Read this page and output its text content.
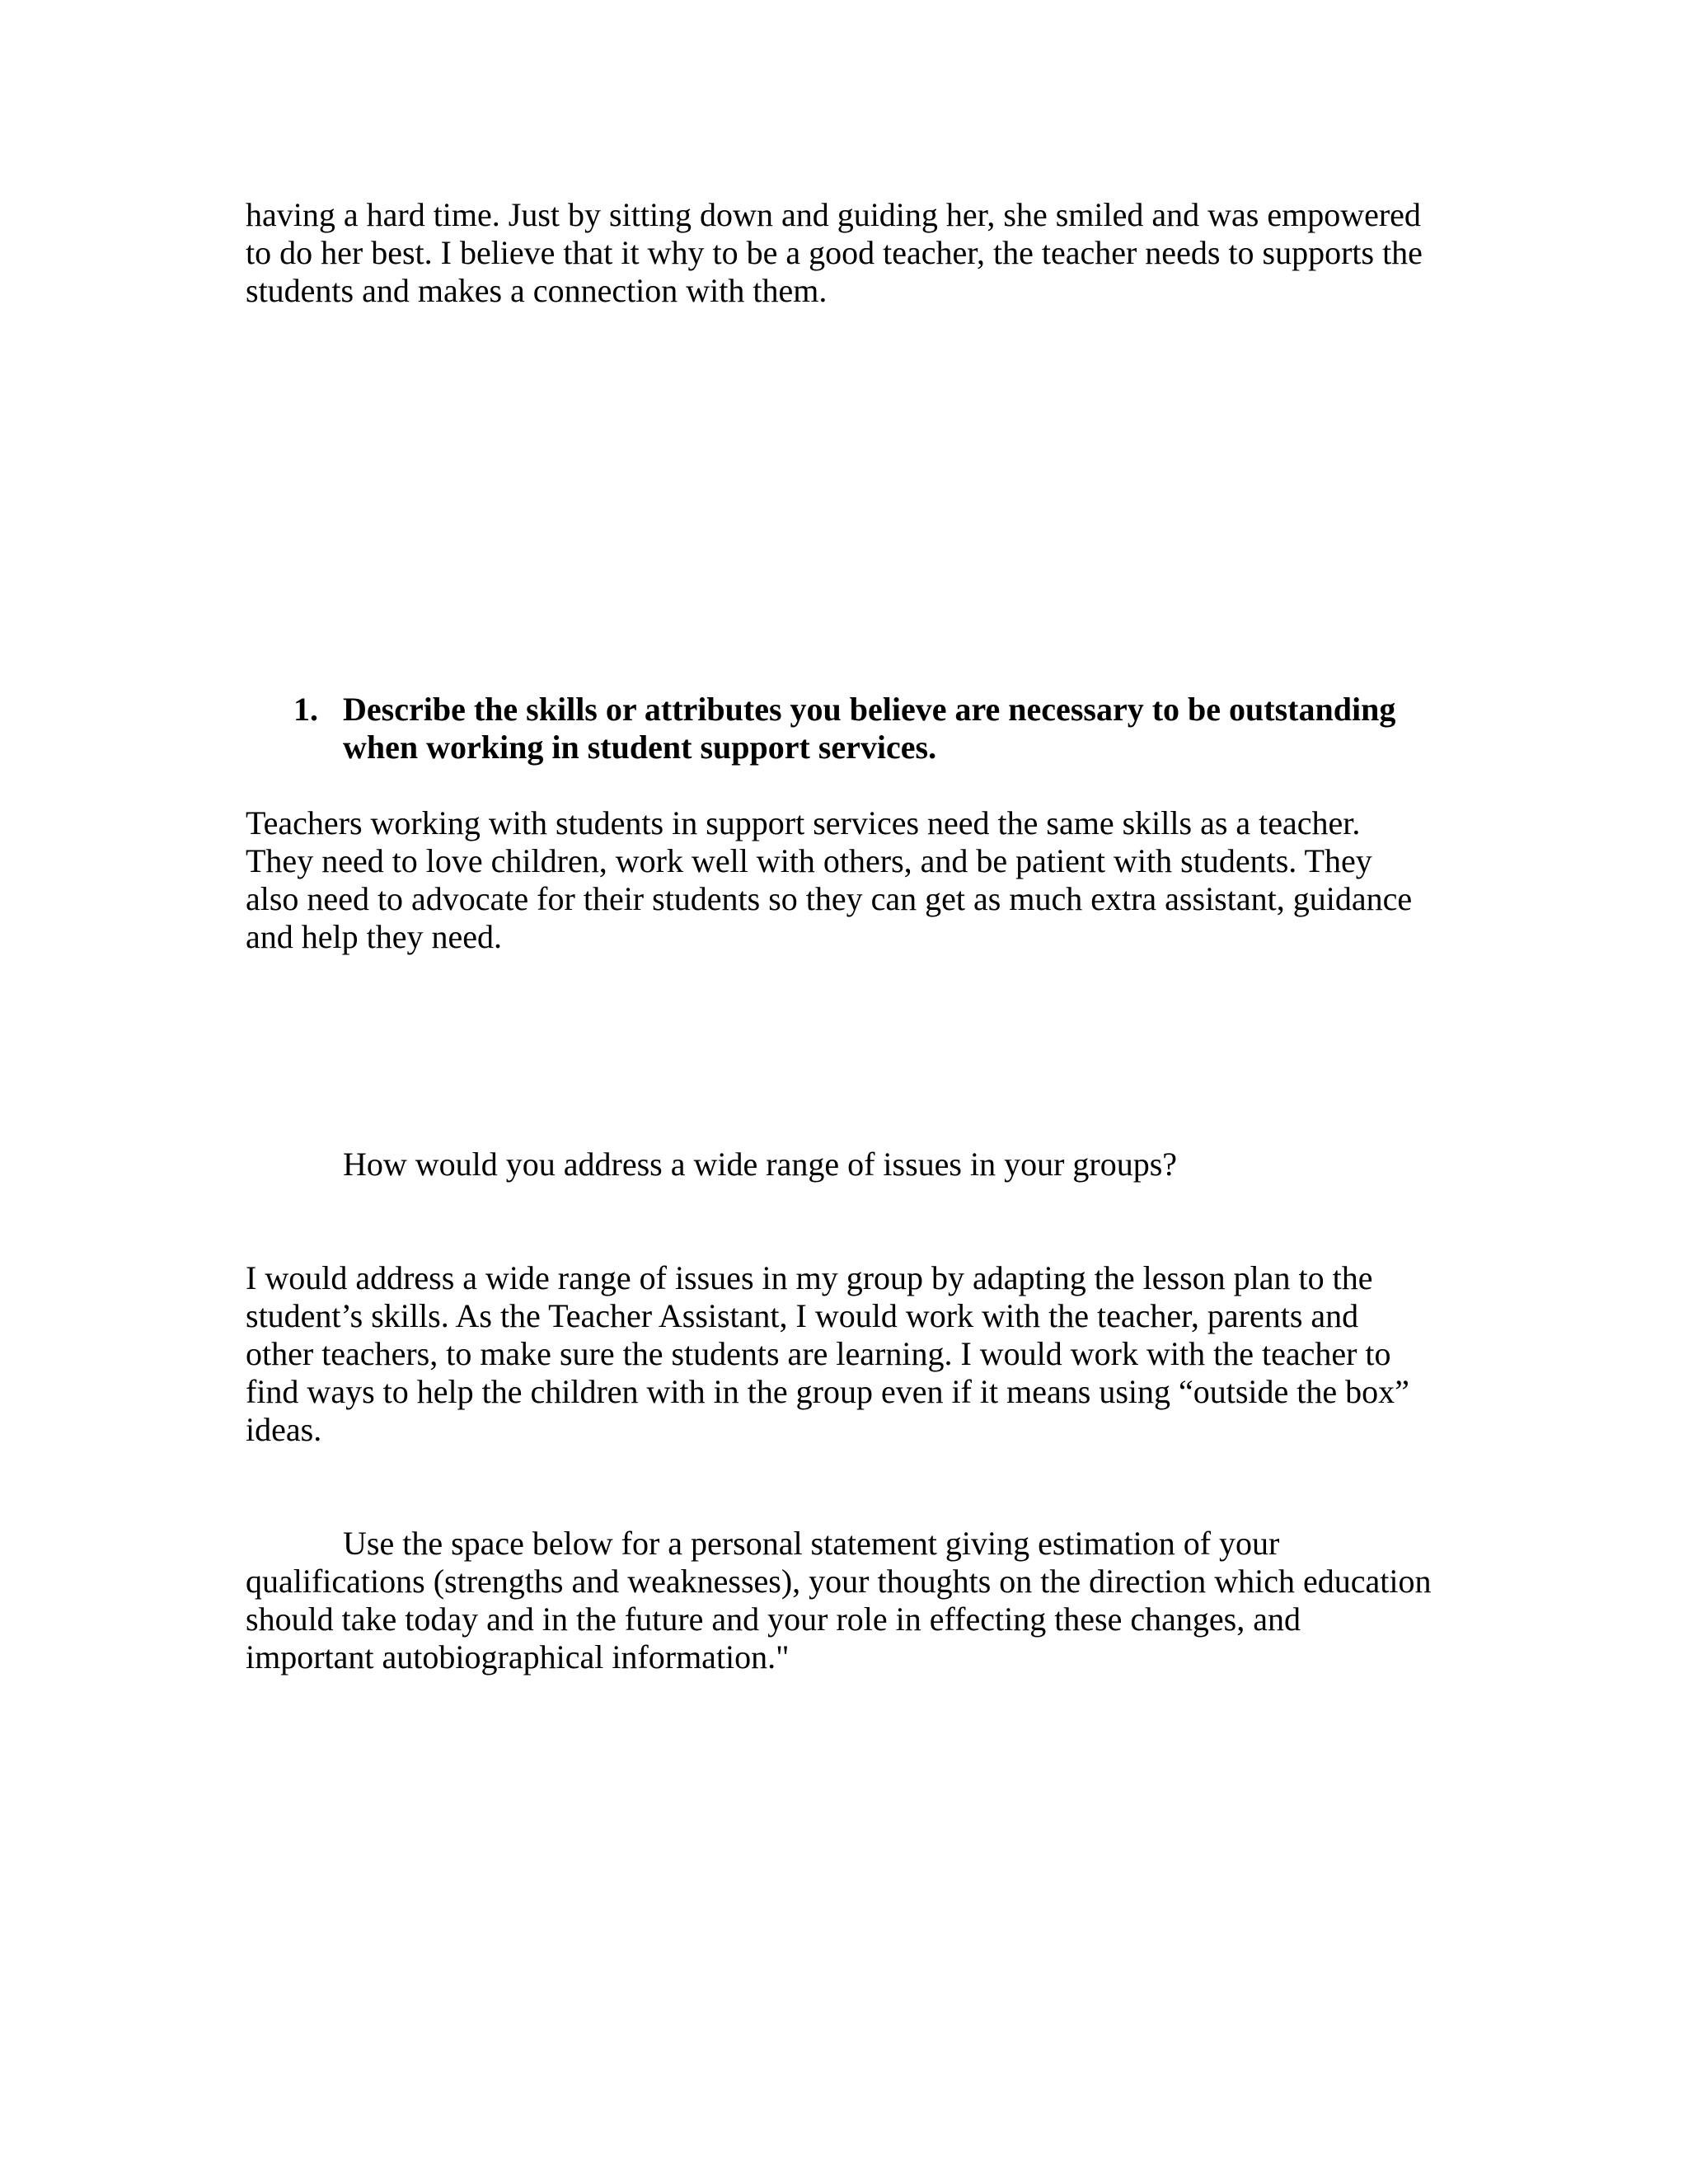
having a hard time. Just by sitting down and guiding her, she smiled and was empowered
to do her best. I believe that it why to be a good teacher, the teacher needs to supports the
students and makes a connection with them.
1. Describe the skills or attributes you believe are necessary to be outstanding
when working in student support services.
Teachers working with students in support services need the same skills as a teacher.
They need to love children, work well with others, and be patient with students. They
also need to advocate for their students so they can get as much extra assistant, guidance
and help they need.
How would you address a wide range of issues in your groups?
I would address a wide range of issues in my group by adapting the lesson plan to the
student’s skills. As the Teacher Assistant, I would work with the teacher, parents and
other teachers, to make sure the students are learning. I would work with the teacher to
find ways to help the children with in the group even if it means using “outside the box”
ideas.
Use the space below for a personal statement giving estimation of your
qualifications (strengths and weaknesses), your thoughts on the direction which education
should take today and in the future and your role in effecting these changes, and
important autobiographical information."
